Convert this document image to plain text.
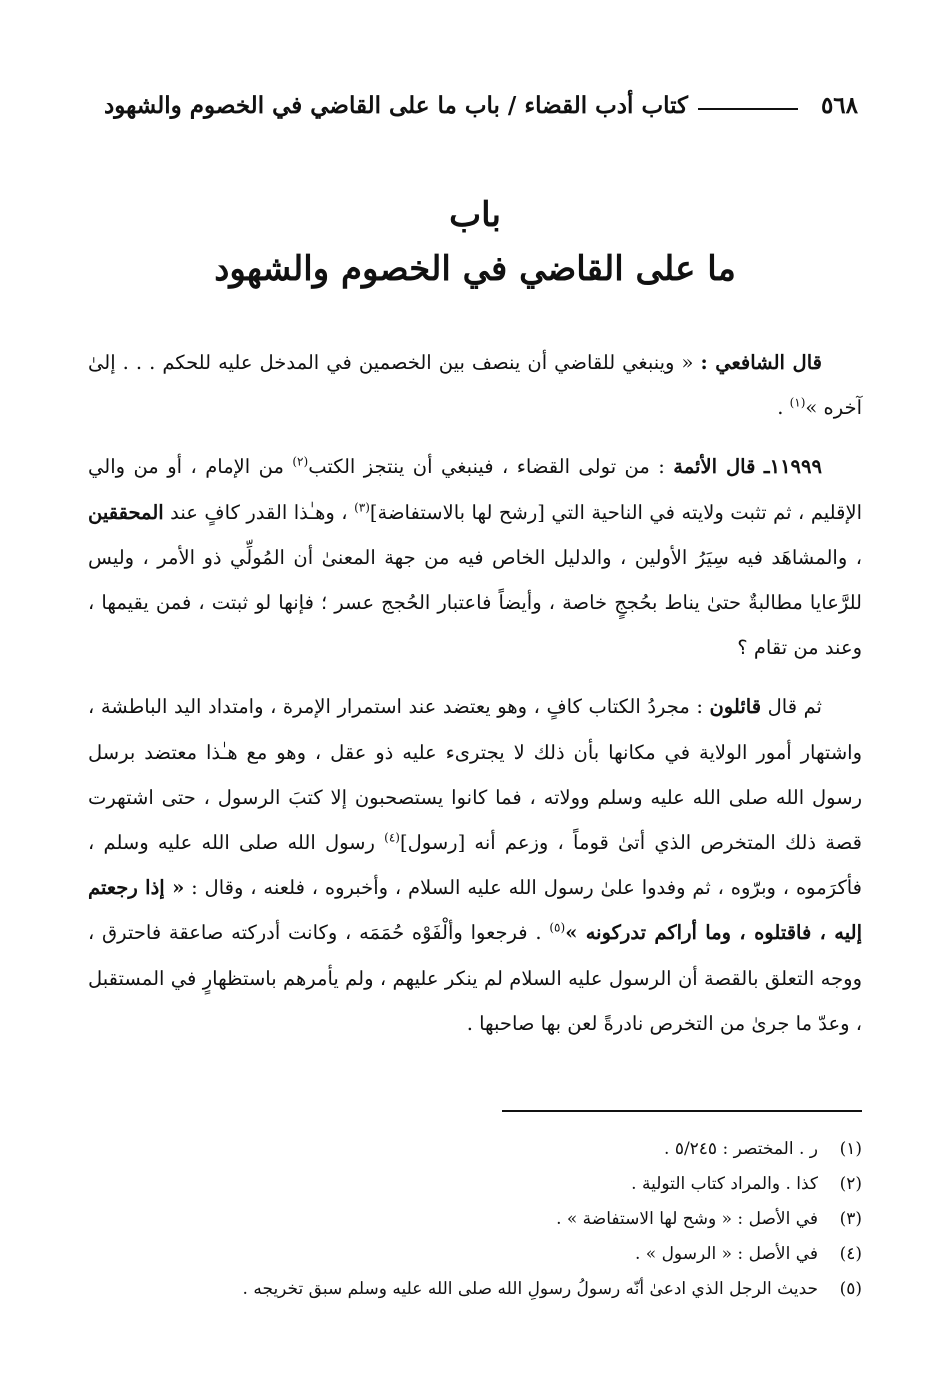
٥٦٨
كتاب أدب القضاء / باب ما على القاضي في الخصوم والشهود
باب
ما على القاضي في الخصوم والشهود

قال الشافعي : « وينبغي للقاضي أن ينصف بين الخصمين في المدخل عليه للحكم . . . إلىٰ آخره »$^{(١)}$ .

١١٩٩٩ـ قال الأئمة : من تولى القضاء ، فينبغي أن ينتجز الكتب$^{(٢)}$ من الإمام ، أو من والي الإقليم ، ثم تثبت ولايته في الناحية التي [رشح لها بالاستفاضة]$^{(٣)}$ ، وهـٰذا القدر كافٍ عند المحققين ، والمشاهَد فيه سِيَرُ الأولين ، والدليل الخاص فيه من جهة المعنىٰ أن المُولِّي ذو الأمر ، وليس للرَّعايا مطالبةٌ حتىٰ يناط بحُججٍ خاصة ، وأيضاً فاعتبار الحُجج عسر ؛ فإنها لو ثبتت ، فمن يقيمها ، وعند من تقام ؟

ثم قال قائلون : مجردُ الكتاب كافٍ ، وهو يعتضد عند استمرار الإمرة ، وامتداد اليد الباطشة ، واشتهار أمور الولاية في مكانها بأن ذلك لا يجترىء عليه ذو عقل ، وهو مع هـٰذا معتضد برسل رسول الله صلى الله عليه وسلم وولاته ، فما كانوا يستصحبون إلا كتبَ الرسول ، حتى اشتهرت قصة ذلك المتخرص الذي أتىٰ قوماً ، وزعم أنه [رسول]$^{(٤)}$ رسول الله صلى الله عليه وسلم ، فأكرَموه ، وبرّوه ، ثم وفدوا علىٰ رسول الله عليه السلام ، وأخبروه ، فلعنه ، وقال : « إذا رجعتم إليه ، فاقتلوه ، وما أراكم تدركونه »$^{(٥)}$ . فرجعوا وألْفَوْه حُمَمَه ، وكانت أدركته صاعقة فاحترق ، ووجه التعلق بالقصة أن الرسول عليه السلام لم ينكر عليهم ، ولم يأمرهم باستظهارٍ في المستقبل ، وعدّ ما جرىٰ من التخرص نادرةً لعن بها صاحبها .

(١)
ر . المختصر : ٥/٢٤٥ .
(٢)
كذا . والمراد كتاب التولية .
(٣)
في الأصل : « وشح لها الاستفاضة » .
(٤)
في الأصل : « الرسول » .
(٥)
حديث الرجل الذي ادعىٰ أنّه رسولُ رسولِ الله صلى الله عليه وسلم سبق تخريجه .
